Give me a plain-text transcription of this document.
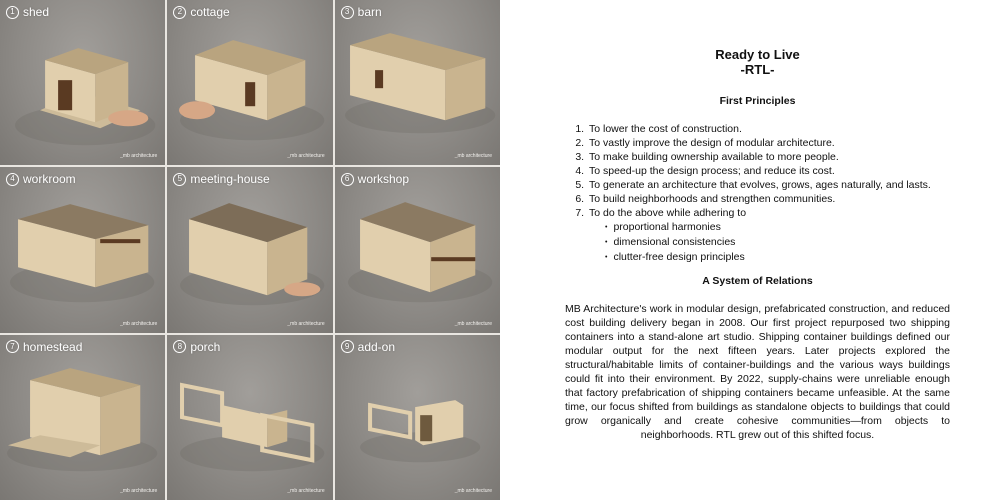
1 shed
_mb architecture
2 cottage
_mb architecture
3 barn
_mb architecture
4 workroom
_mb architecture
5 meeting-house
_mb architecture
6 workshop
_mb architecture
7 homestead
_mb architecture
8 porch
_mb architecture
9 add-on
_mb architecture

Ready to Live

-RTL-

First Principles
1. To lower the cost of construction.
2. To vastly improve the design of modular architecture.
3. To make building ownership available to more people.
4. To speed-up the design process; and reduce its cost.
5. To generate an architecture that evolves, grows, ages naturally, and lasts.
6. To build neighborhoods and strengthen communities.
7. To do the above while adhering to
• proportional harmonies
• dimensional consistencies
• clutter-free design principles
A System of Relations

MB Architecture's work in modular design, prefabricated construction, and reduced cost building delivery began in 2008. Our first project repurposed two shipping containers into a stand-alone art studio. Shipping container buildings defined our modular output for the next fifteen years. Later projects explored the structural/habitable limits of container-buildings and the various ways buildings could fit into their environment. By 2022, supply-chains were unreliable enough that factory prefabrication of shipping containers became unfeasible. At the same time, our focus shifted from buildings as standalone objects to buildings that could grow organically and create cohesive communities—from objects to neighborhoods. RTL grew out of this shifted focus.
